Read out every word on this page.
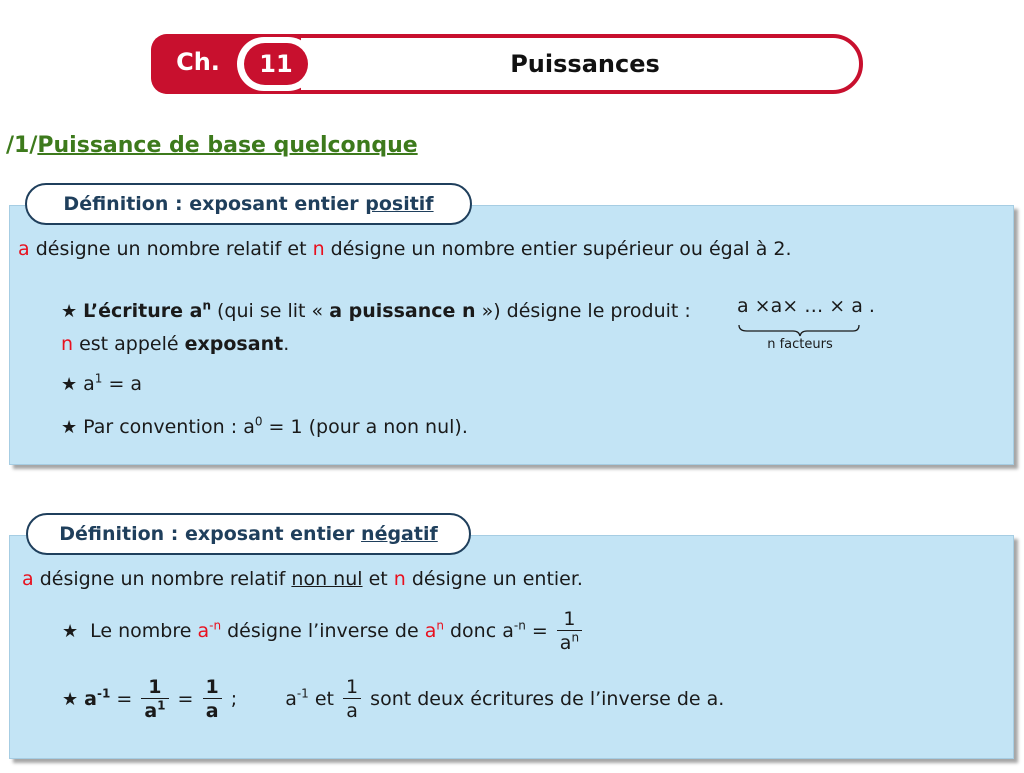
Ch.	11	Puissances
/1/Puissance de base quelconque
Définition : exposant entier positif
a désigne un nombre relatif et n désigne un nombre entier supérieur ou égal à 2.
★ L’écriture $a^n$ (qui se lit « a puissance n ») désigne le produit : a ×a× … × a .
n facteurs
n est appelé exposant.
★ $a^1 = a$
★ Par convention : $a^0 = 1$ (pour a non nul).
Définition : exposant entier négatif
a désigne un nombre relatif non nul et n désigne un entier.
★ Le nombre $a^{-n}$ désigne l’inverse de $a^n$ donc $a^{-n} = \frac{1}{a^n}$
★ $a^{-1} = \frac{1}{a^1} = \frac{1}{a}$ ;	$a^{-1}$ et $\frac{1}{a}$ sont deux écritures de l’inverse de a.
